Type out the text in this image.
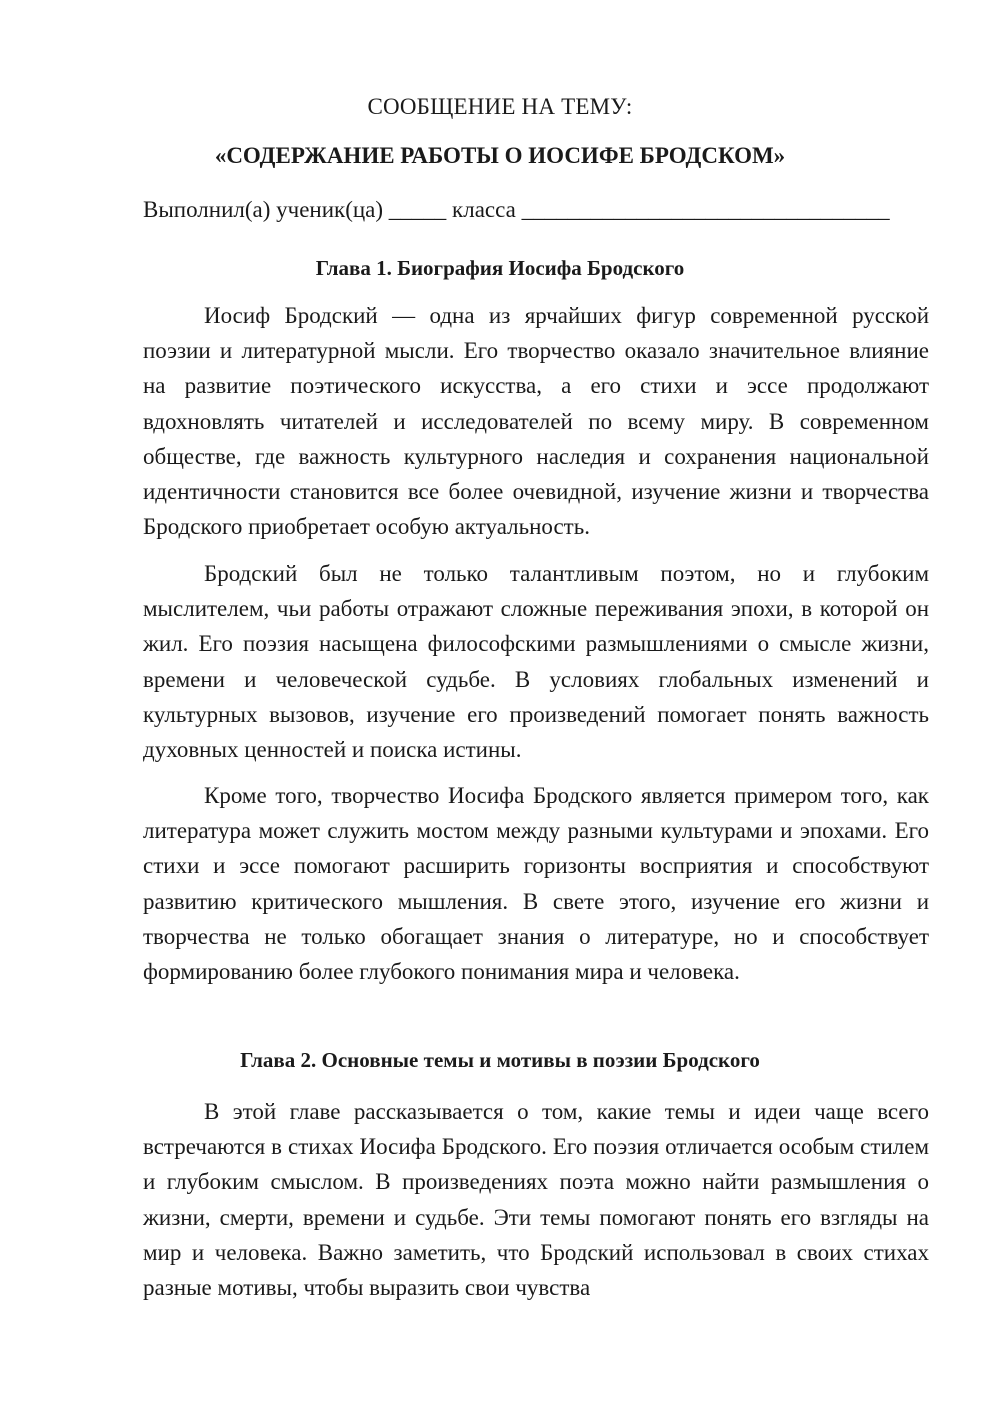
СООБЩЕНИЕ НА ТЕМУ:
«СОДЕРЖАНИЕ РАБОТЫ О ИОСИФЕ БРОДСКОМ»
Выполнил(а) ученик(ца) _____ класса ________________________________
Глава 1. Биография Иосифа Бродского

Иосиф Бродский — одна из ярчайших фигур современной русской поэзии и литературной мысли. Его творчество оказало значительное влияние на развитие поэтического искусства, а его стихи и эссе продолжают вдохновлять читателей и исследователей по всему миру. В современном обществе, где важность культурного наследия и сохранения национальной идентичности становится все более очевидной, изучение жизни и творчества Бродского приобретает особую актуальность.

Бродский был не только талантливым поэтом, но и глубоким мыслителем, чьи работы отражают сложные переживания эпохи, в которой он жил. Его поэзия насыщена философскими размышлениями о смысле жизни, времени и человеческой судьбе. В условиях глобальных изменений и культурных вызовов, изучение его произведений помогает понять важность духовных ценностей и поиска истины.

Кроме того, творчество Иосифа Бродского является примером того, как литература может служить мостом между разными культурами и эпохами. Его стихи и эссе помогают расширить горизонты восприятия и способствуют развитию критического мышления. В свете этого, изучение его жизни и творчества не только обогащает знания о литературе, но и способствует формированию более глубокого понимания мира и человека.

Глава 2. Основные темы и мотивы в поэзии Бродского

В этой главе рассказывается о том, какие темы и идеи чаще всего встречаются в стихах Иосифа Бродского. Его поэзия отличается особым стилем и глубоким смыслом. В произведениях поэта можно найти размышления о жизни, смерти, времени и судьбе. Эти темы помогают понять его взгляды на мир и человека. Важно заметить, что Бродский использовал в своих стихах разные мотивы, чтобы выразить свои чувства
